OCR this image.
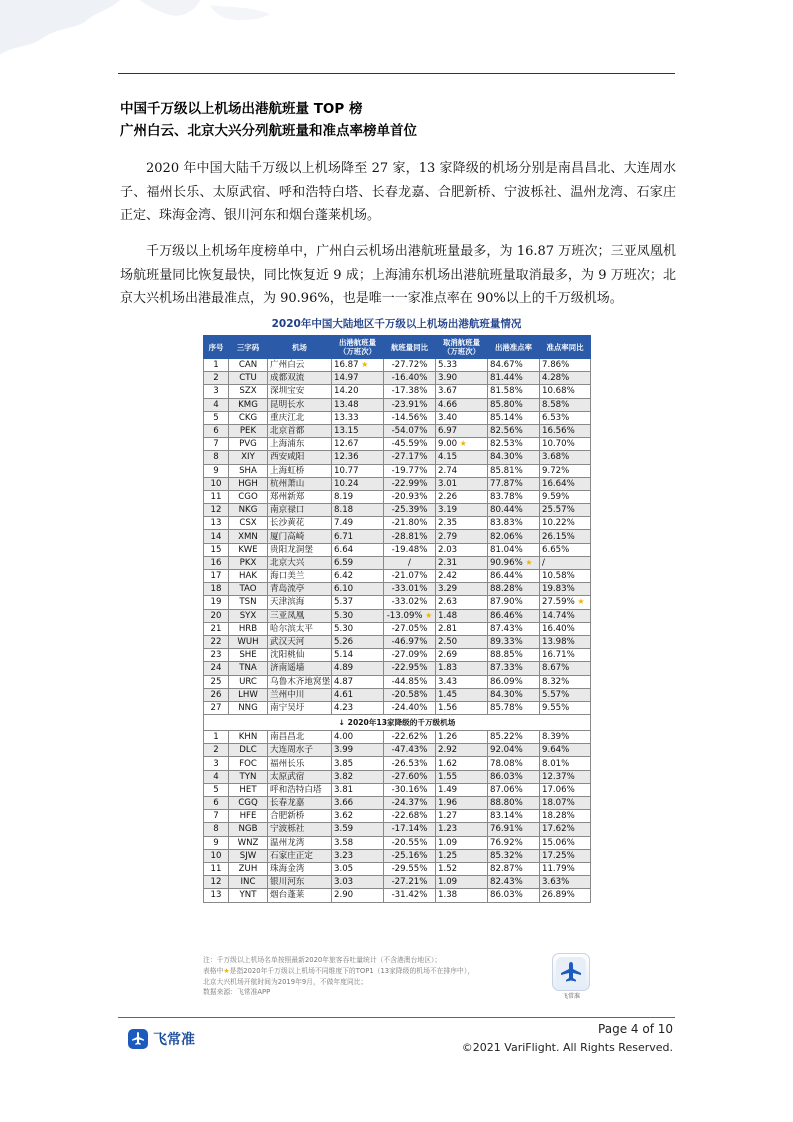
中国千万级以上机场出港航班量 TOP 榜
广州白云、北京大兴分列航班量和准点率榜单首位

2020 年中国大陆千万级以上机场降至 27 家，13 家降级的机场分别是南昌昌北、大连周水子、福州长乐、太原武宿、呼和浩特白塔、长春龙嘉、合肥新桥、宁波栎社、温州龙湾、石家庄正定、珠海金湾、银川河东和烟台蓬莱机场。

千万级以上机场年度榜单中，广州白云机场出港航班量最多，为 16.87 万班次；三亚凤凰机场航班量同比恢复最快，同比恢复近 9 成；上海浦东机场出港航班量取消最多，为 9 万班次；北京大兴机场出港最准点，为 90.96%，也是唯一一家准点率在 90%以上的千万级机场。

2020年中国大陆地区千万级以上机场出港航班量情况
序号	三字码	机场	出港航班量（万班次）	航班量同比	取消航班量（万班次）	出港准点率	准点率同比
1	CAN	广州白云	16.87 ★	-27.72%	5.33	84.67%	7.86%
2	CTU	成都双流	14.97	-16.40%	3.90	81.44%	4.28%
3	SZX	深圳宝安	14.20	-17.38%	3.67	81.58%	10.68%
4	KMG	昆明长水	13.48	-23.91%	4.66	85.80%	8.58%
5	CKG	重庆江北	13.33	-14.56%	3.40	85.14%	6.53%
6	PEK	北京首都	13.15	-54.07%	6.97	82.56%	16.56%
7	PVG	上海浦东	12.67	-45.59%	9.00 ★	82.53%	10.70%
8	XIY	西安咸阳	12.36	-27.17%	4.15	84.30%	3.68%
9	SHA	上海虹桥	10.77	-19.77%	2.74	85.81%	9.72%
10	HGH	杭州萧山	10.24	-22.99%	3.01	77.87%	16.64%
11	CGO	郑州新郑	8.19	-20.93%	2.26	83.78%	9.59%
12	NKG	南京禄口	8.18	-25.39%	3.19	80.44%	25.57%
13	CSX	长沙黄花	7.49	-21.80%	2.35	83.83%	10.22%
14	XMN	厦门高崎	6.71	-28.81%	2.79	82.06%	26.15%
15	KWE	贵阳龙洞堡	6.64	-19.48%	2.03	81.04%	6.65%
16	PKX	北京大兴	6.59	/	2.31	90.96% ★	/
17	HAK	海口美兰	6.42	-21.07%	2.42	86.44%	10.58%
18	TAO	青岛流亭	6.10	-33.01%	3.29	88.28%	19.83%
19	TSN	天津滨海	5.37	-33.02%	2.63	87.90%	27.59% ★
20	SYX	三亚凤凰	5.30	-13.09% ★	1.48	86.46%	14.74%
21	HRB	哈尔滨太平	5.30	-27.05%	2.81	87.43%	16.40%
22	WUH	武汉天河	5.26	-46.97%	2.50	89.33%	13.98%
23	SHE	沈阳桃仙	5.14	-27.09%	2.69	88.85%	16.71%
24	TNA	济南遥墙	4.89	-22.95%	1.83	87.33%	8.67%
25	URC	乌鲁木齐地窝堡	4.87	-44.85%	3.43	86.09%	8.32%
26	LHW	兰州中川	4.61	-20.58%	1.45	84.30%	5.57%
27	NNG	南宁吴圩	4.23	-24.40%	1.56	85.78%	9.55%
↓ 2020年13家降级的千万级机场							
1	KHN	南昌昌北	4.00	-22.62%	1.26	85.22%	8.39%
2	DLC	大连周水子	3.99	-47.43%	2.92	92.04%	9.64%
3	FOC	福州长乐	3.85	-26.53%	1.62	78.08%	8.01%
4	TYN	太原武宿	3.82	-27.60%	1.55	86.03%	12.37%
5	HET	呼和浩特白塔	3.81	-30.16%	1.49	87.06%	17.06%
6	CGQ	长春龙嘉	3.66	-24.37%	1.96	88.80%	18.07%
7	HFE	合肥新桥	3.62	-22.68%	1.27	83.14%	18.28%
8	NGB	宁波栎社	3.59	-17.14%	1.23	76.91%	17.62%
9	WNZ	温州龙湾	3.58	-20.55%	1.09	76.92%	15.06%
10	SJW	石家庄正定	3.23	-25.16%	1.25	85.32%	17.25%
11	ZUH	珠海金湾	3.05	-29.55%	1.52	82.87%	11.79%
12	INC	银川河东	3.03	-27.21%	1.09	82.43%	3.63%
13	YNT	烟台蓬莱	2.90	-31.42%	1.38	86.03%	26.89%
注：千万级以上机场名单按照最新2020年旅客吞吐量统计（不含港澳台地区）；
表格中★是指2020年千万级以上机场不同维度下的TOP1（13家降级的机场不在排序中），
北京大兴机场开航时间为2019年9月，不做年度同比；
数据来源：飞常准APP
飞常准
飞常准
Page 4 of 10
©2021 VariFlight. All Rights Reserved.
